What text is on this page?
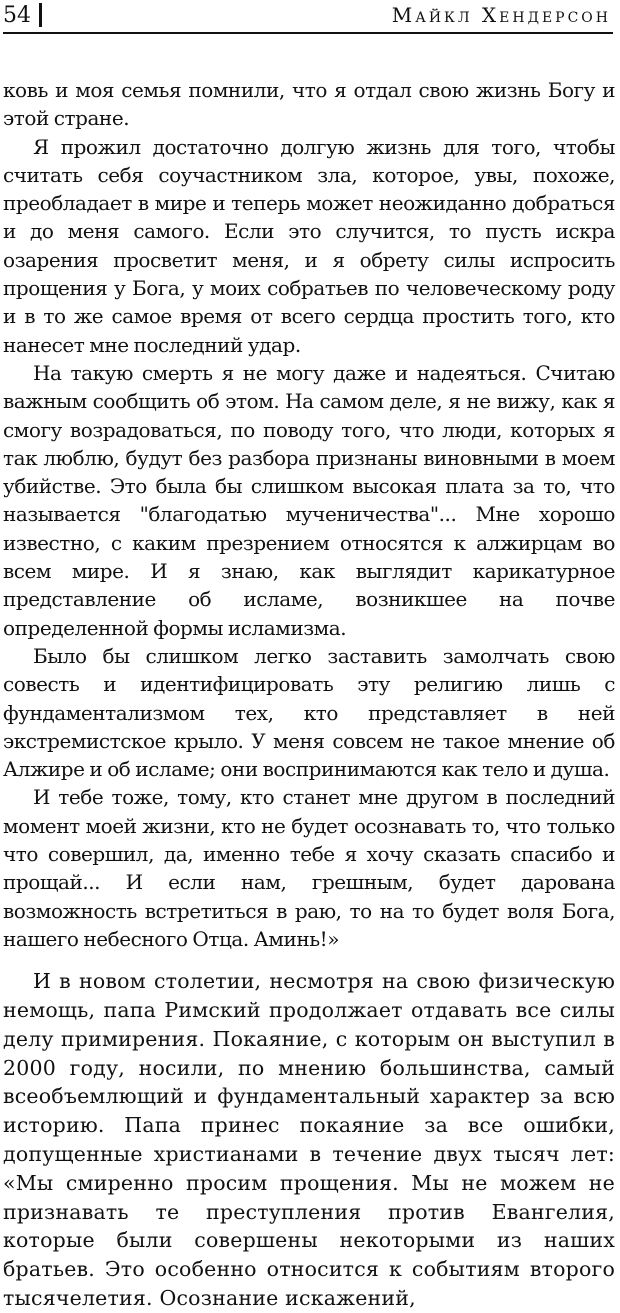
54	Майкл Хендерсон

ковь и моя семья помнили, что я отдал свою жизнь Богу и этой стране.

Я прожил достаточно долгую жизнь для того, чтобы считать себя соучастником зла, которое, увы, похоже, преобладает в мире и теперь может неожиданно добраться и до меня самого. Если это случится, то пусть искра озарения просветит меня, и я обрету силы испросить прощения у Бога, у моих собратьев по человеческому роду и в то же самое время от всего сердца простить того, кто нанесет мне последний удар.

На такую смерть я не могу даже и надеяться. Считаю важным сообщить об этом. На самом деле, я не вижу, как я смогу возрадоваться, по поводу того, что люди, которых я так люблю, будут без разбора признаны виновными в моем убийстве. Это была бы слишком высокая плата за то, что называется "благодатью мученичества"... Мне хорошо известно, с каким презрением относятся к алжирцам во всем мире. И я знаю, как выглядит карикатурное представление об исламе, возникшее на почве определенной формы исламизма.

Было бы слишком легко заставить замолчать свою совесть и идентифицировать эту религию лишь с фундаментализмом тех, кто представляет в ней экстремистское крыло. У меня совсем не такое мнение об Алжире и об исламе; они воспринимаются как тело и душа.

И тебе тоже, тому, кто станет мне другом в последний момент моей жизни, кто не будет осознавать то, что только что совершил, да, именно тебе я хочу сказать спасибо и прощай... И если нам, грешным, будет дарована возможность встретиться в раю, то на то будет воля Бога, нашего небесного Отца. Аминь!»

И в новом столетии, несмотря на свою физическую немощь, папа Римский продолжает отдавать все силы делу примирения. Покаяние, с которым он выступил в 2000 году, носили, по мнению большинства, самый всеобъемлющий и фундаментальный характер за всю историю. Папа принес покаяние за все ошибки, допущенные христианами в течение двух тысяч лет: «Мы смиренно просим прощения. Мы не можем не признавать те преступления против Евангелия, которые были совершены некоторыми из наших братьев. Это особенно относится к событиям второго тысячелетия. Осознание искажений,
